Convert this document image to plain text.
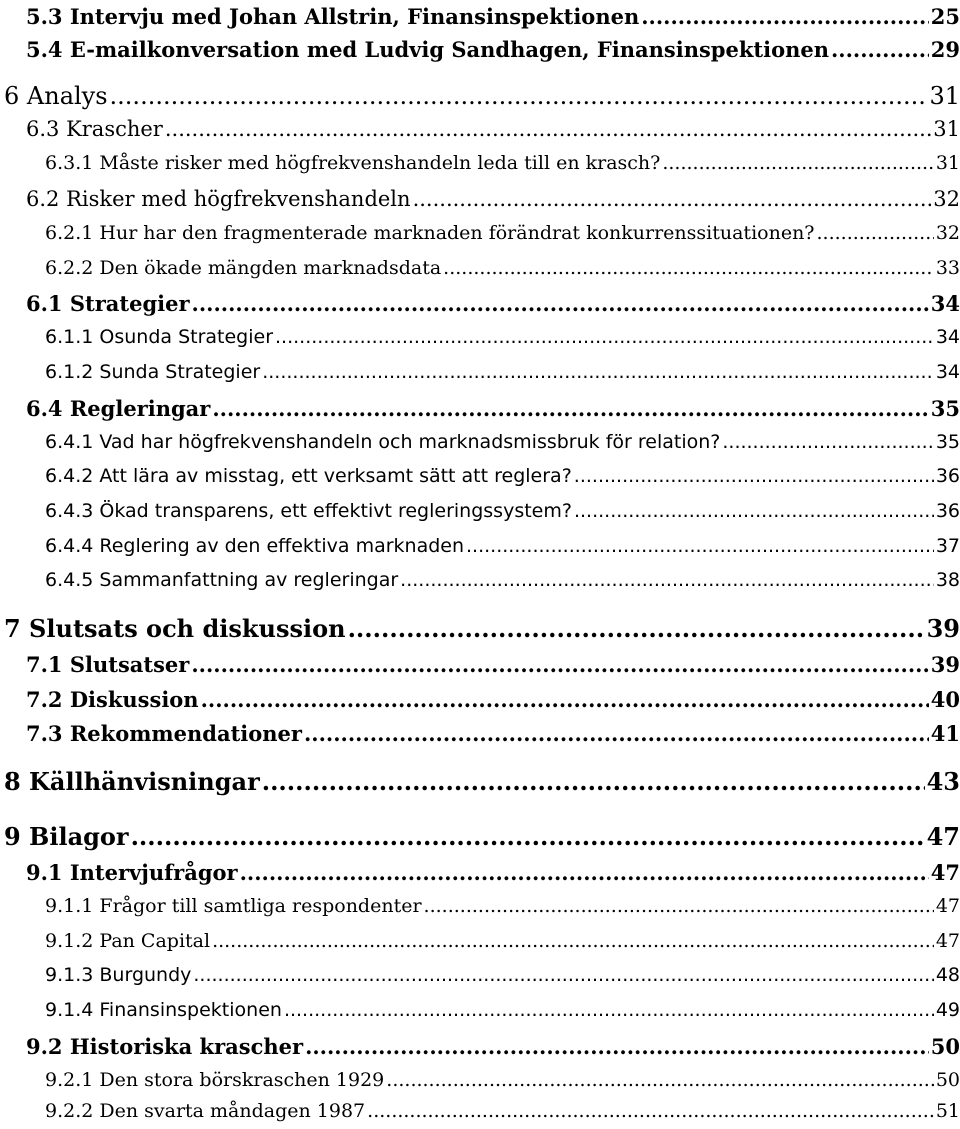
5.3 Intervju med Johan Allstrin, Finansinspektionen .....	25
5.4 E-mailkonversation med Ludvig Sandhagen, Finansinspektionen .....	29
6 Analys .....	31
6.3 Krascher .....	31
6.3.1 Måste risker med högfrekvenshandeln leda till en krasch? .....	31
6.2 Risker med högfrekvenshandeln .....	32
6.2.1 Hur har den fragmenterade marknaden förändrat konkurrenssituationen? .....	32
6.2.2 Den ökade mängden marknadsdata .....	33
6.1 Strategier .....	34
6.1.1 Osunda Strategier .....	34
6.1.2 Sunda Strategier .....	34
6.4 Regleringar .....	35
6.4.1 Vad har högfrekvenshandeln och marknadsmissbruk för relation? .....	35
6.4.2 Att lära av misstag, ett verksamt sätt att reglera? .....	36
6.4.3 Ökad transparens, ett effektivt regleringssystem? .....	36
6.4.4 Reglering av den effektiva marknaden .....	37
6.4.5 Sammanfattning av regleringar .....	38
7 Slutsats och diskussion .....	39
7.1 Slutsatser .....	39
7.2 Diskussion .....	40
7.3 Rekommendationer .....	41
8 Källhänvisningar .....	43
9 Bilagor .....	47
9.1 Intervjufrågor .....	47
9.1.1 Frågor till samtliga respondenter .....	47
9.1.2 Pan Capital .....	47
9.1.3 Burgundy .....	48
9.1.4 Finansinspektionen .....	49
9.2 Historiska krascher .....	50
9.2.1 Den stora börskraschen 1929 .....	50
9.2.2 Den svarta måndagen 1987 .....	51
